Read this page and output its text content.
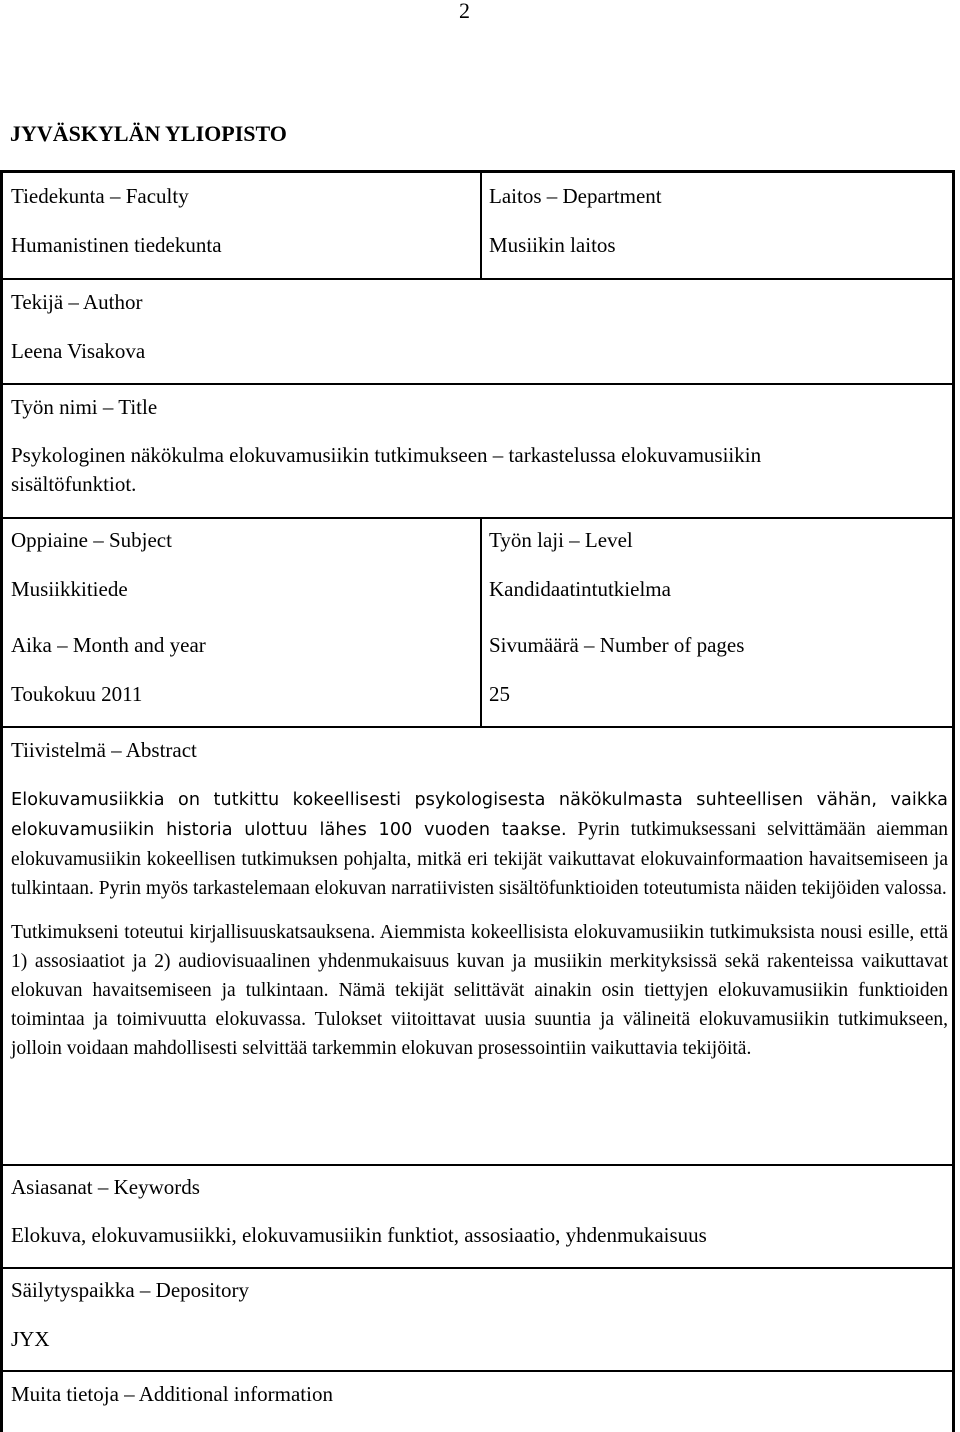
2
JYVÄSKYLÄN YLIOPISTO
Tiedekunta – Faculty
Humanistinen tiedekunta
Laitos – Department
Musiikin laitos
Tekijä – Author
Leena Visakova
Työn nimi – Title
Psykologinen näkökulma elokuvamusiikin tutkimukseen – tarkastelussa elokuvamusiikin
sisältöfunktiot.
Oppiaine – Subject
Musiikkitiede
Työn laji – Level
Kandidaatintutkielma
Aika – Month and year
Toukokuu 2011
Sivumäärä – Number of pages
25
Tiivistelmä – Abstract

Elokuvamusiikkia on tutkittu kokeellisesti psykologisesta näkökulmasta suhteellisen vähän, vaikka elokuvamusiikin historia ulottuu lähes 100 vuoden taakse. Pyrin tutkimuksessani selvittämään aiemman elokuvamusiikin kokeellisen tutkimuksen pohjalta, mitkä eri tekijät vaikuttavat elokuvainformaation havaitsemiseen ja tulkintaan. Pyrin myös tarkastelemaan elokuvan narratiivisten sisältöfunktioiden toteutumista näiden tekijöiden valossa.

Tutkimukseni toteutui kirjallisuuskatsauksena. Aiemmista kokeellisista elokuvamusiikin tutkimuksista nousi esille, että 1) assosiaatiot ja 2) audiovisuaalinen yhdenmukaisuus kuvan ja musiikin merkityksissä sekä rakenteissa vaikuttavat elokuvan havaitsemiseen ja tulkintaan. Nämä tekijät selittävät ainakin osin tiettyjen elokuvamusiikin funktioiden toimintaa ja toimivuutta elokuvassa. Tulokset viitoittavat uusia suuntia ja välineitä elokuvamusiikin tutkimukseen, jolloin voidaan mahdollisesti selvittää tarkemmin elokuvan prosessointiin vaikuttavia tekijöitä.

Asiasanat – Keywords
Elokuva, elokuvamusiikki, elokuvamusiikin funktiot, assosiaatio, yhdenmukaisuus
Säilytyspaikka – Depository
JYX
Muita tietoja – Additional information
